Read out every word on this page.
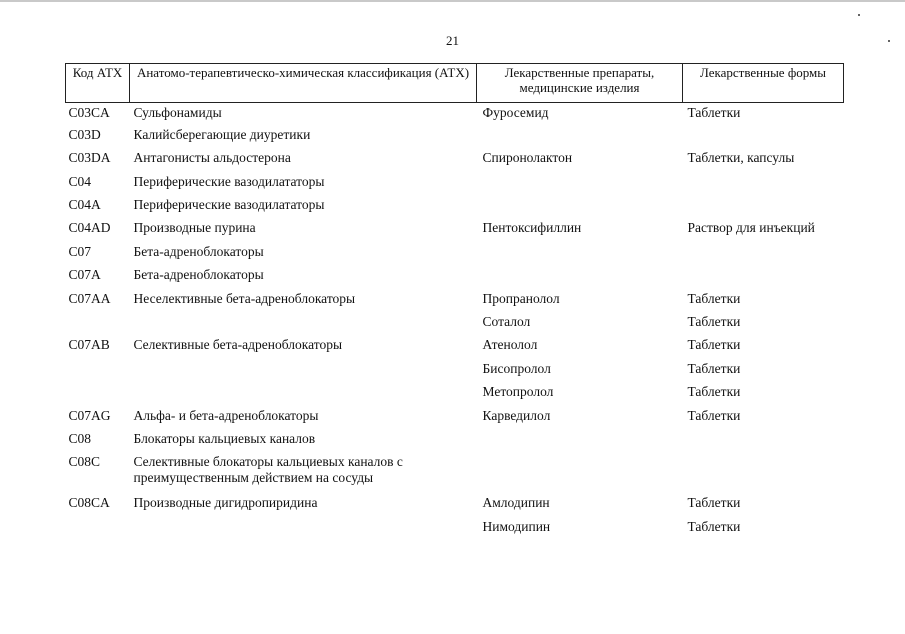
21
Код АТХ	Анатомо-терапевтическо-химическая классификация (АТХ)	Лекарственные препараты, медицинские изделия	Лекарственные формы
C03CA	Сульфонамиды	Фуросемид	Таблетки
C03D	Калийсберегающие диуретики		
C03DA	Антагонисты альдостерона	Спиронолактон	Таблетки, капсулы
C04	Периферические вазодилататоры		
C04A	Периферические вазодилататоры		
C04AD	Производные пурина	Пентоксифиллин	Раствор для инъекций
C07	Бета-адреноблокаторы		
C07A	Бета-адреноблокаторы		
C07AA	Неселективные бета-адреноблокаторы	Пропранолол	Таблетки
		Соталол	Таблетки
C07AB	Селективные бета-адреноблокаторы	Атенолол	Таблетки
		Бисопролол	Таблетки
		Метопролол	Таблетки
C07AG	Альфа- и бета-адреноблокаторы	Карведилол	Таблетки
C08	Блокаторы кальциевых каналов		
C08C	Селективные блокаторы кальциевых каналов с преимущественным действием на сосуды		
C08CA	Производные дигидропиридина	Амлодипин	Таблетки
		Нимодипин	Таблетки
